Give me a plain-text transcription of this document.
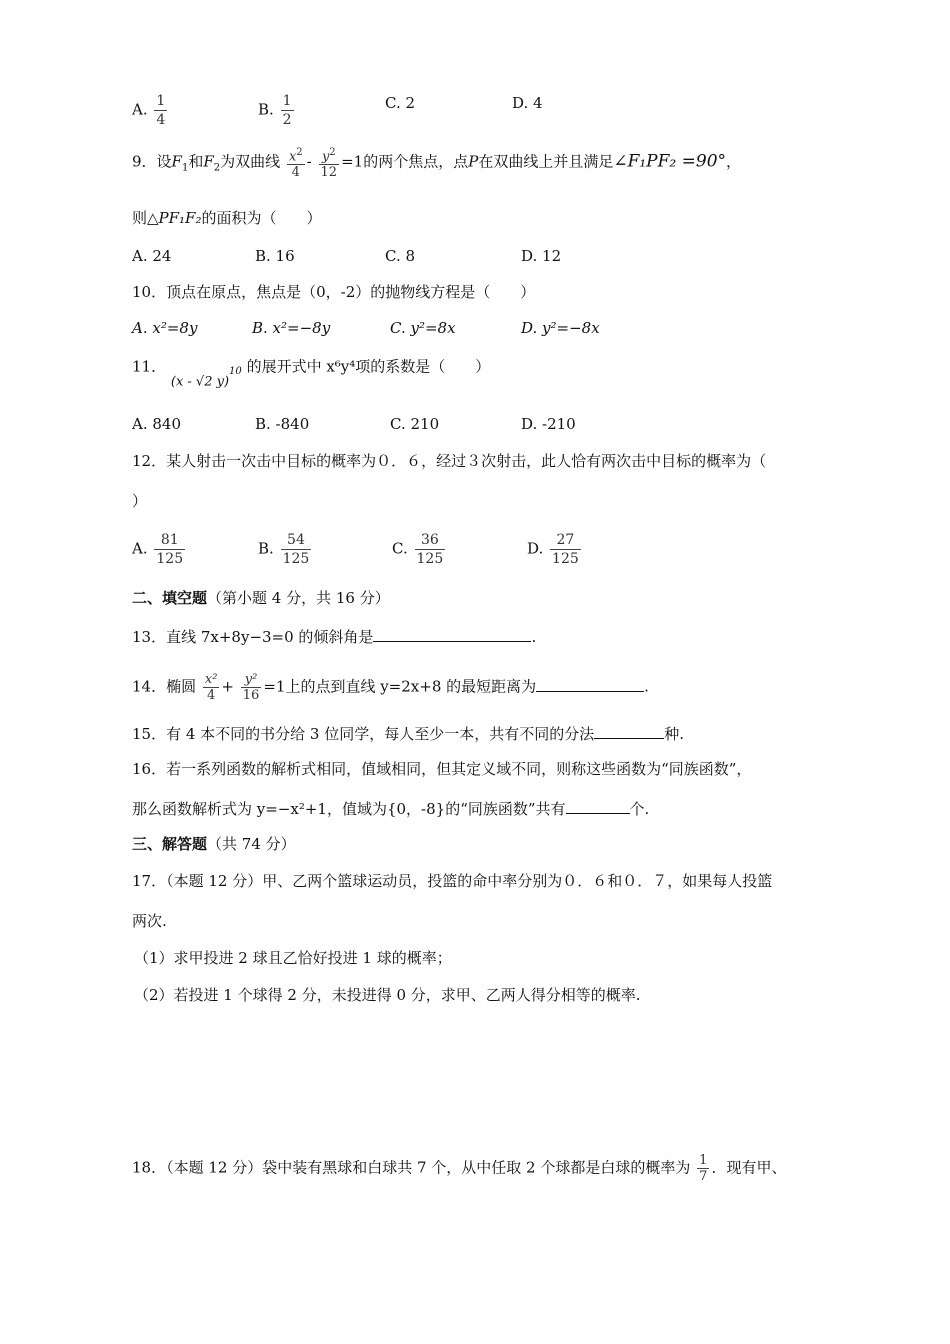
A. $\frac{1}{4}$	B. $\frac{1}{2}$	C. 2	D. 4
9．设$F_1$和$F_2$为双曲线 $\frac{x^2}{4} - \frac{y^2}{12} =1$的两个焦点，点P在双曲线上并且满足∠F₁PF₂ =90°，
则△PF₁F₂的面积为（　　）
A. 24	B. 16	C. 8	D. 12
10．顶点在原点，焦点是（0，-2）的抛物线方程是（　　）
A. x²=8y	B. x²=−8y	C. y²=8x	D. y²=−8x
11． (x - √2 y)$^{10}$ 的展开式中 x⁶y⁴项的系数是（　　）
A. 840	B. -840	C. 210	D. -210
12．某人射击一次击中目标的概率为０．６，经过３次射击，此人恰有两次击中目标的概率为（
）
A. $\frac{81}{125}$	B. $\frac{54}{125}$	C. $\frac{36}{125}$	D. $\frac{27}{125}$
二、填空题（第小题 4 分，共 16 分）
13．直线 7x+8y−3=0 的倾斜角是	.
14．椭圆 $\frac{\text{x²}}{4} + \frac{\text{y²}}{16} =1$上的点到直线 y=2x+8 的最短距离为	.
15．有 4 本不同的书分给 3 位同学，每人至少一本，共有不同的分法	种.
16．若一系列函数的解析式相同，值域相同，但其定义域不同，则称这些函数为“同族函数”，
那么函数解析式为 y=−x²+1，值域为{0，-8}的“同族函数”共有	个.
三、解答题（共 74 分）
17．（本题 12 分）甲、乙两个篮球运动员，投篮的命中率分别为０．６和０．７，如果每人投篮
两次.
（1）求甲投进 2 球且乙恰好投进 1 球的概率；
（2）若投进 1 个球得 2 分，未投进得 0 分，求甲、乙两人得分相等的概率.
18．（本题 12 分）袋中装有黑球和白球共 7 个，从中任取 2 个球都是白球的概率为 $\frac{1}{7}$ ．现有甲、
